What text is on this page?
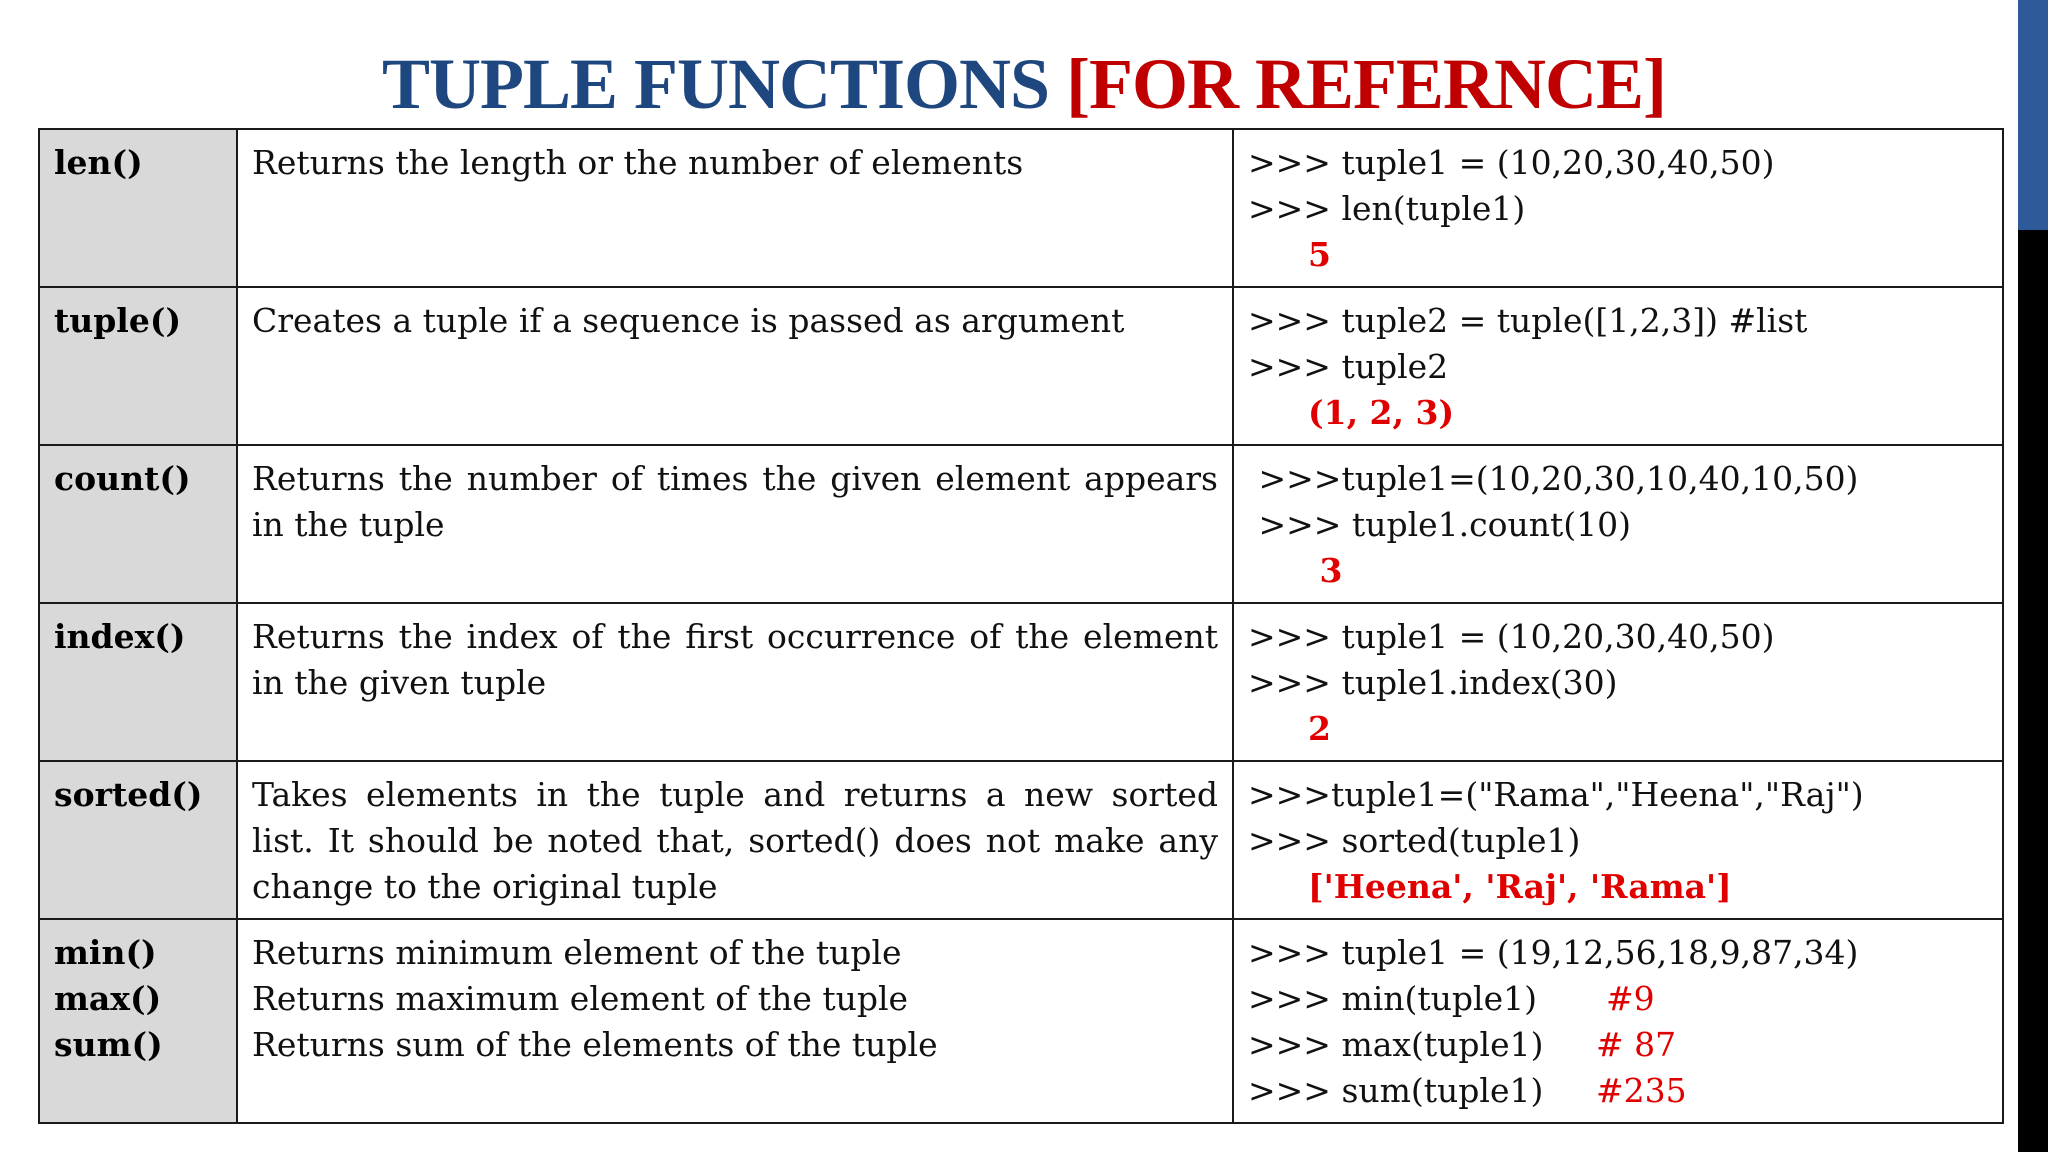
TUPLE FUNCTIONS [FOR REFERNCE]
len()	Returns the length or the number of elements	>>> tuple1 = (10,20,30,40,50)
>>> len(tuple1)
5

tuple()	Creates a tuple if a sequence is passed as argument	>>> tuple2 = tuple([1,2,3]) #list
>>> tuple2
(1, 2, 3)

count()	Returns the number of times the given element appears in the tuple	>>>tuple1=(10,20,30,10,40,10,50)
>>> tuple1.count(10)
3

index()	Returns the index of the first occurrence of the element in the given tuple	>>> tuple1 = (10,20,30,40,50)
>>> tuple1.index(30)
2

sorted()	Takes elements in the tuple and returns a new sorted list. It should be noted that, sorted() does not make any change to the original tuple	>>>tuple1=("Rama","Heena","Raj")
>>> sorted(tuple1)
['Heena', 'Raj', 'Rama']

min()
max()
sum()	Returns minimum element of the tuple
Returns maximum element of the tuple
Returns sum of the elements of the tuple	>>> tuple1 = (19,12,56,18,9,87,34)
>>> min(tuple1) #9
>>> max(tuple1) # 87
>>> sum(tuple1) #235
